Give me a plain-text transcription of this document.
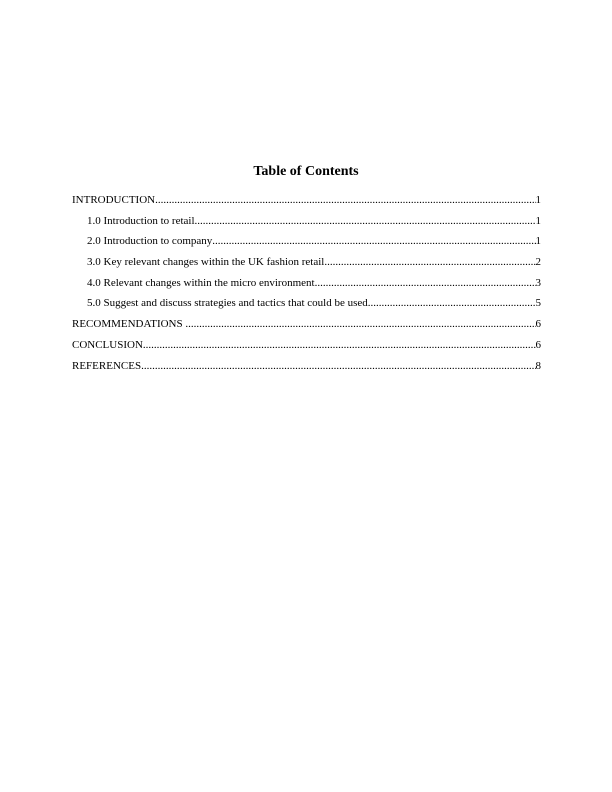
Table of Contents
INTRODUCTION .....	1
1.0 Introduction to retail .....	1
2.0 Introduction to company .....	1
3.0 Key relevant changes within the UK fashion retail .....	2
4.0 Relevant changes within the micro environment .....	3
5.0 Suggest and discuss strategies and tactics that could be used .....	5
RECOMMENDATIONS .....	6
CONCLUSION .....	6
REFERENCES .....	8
